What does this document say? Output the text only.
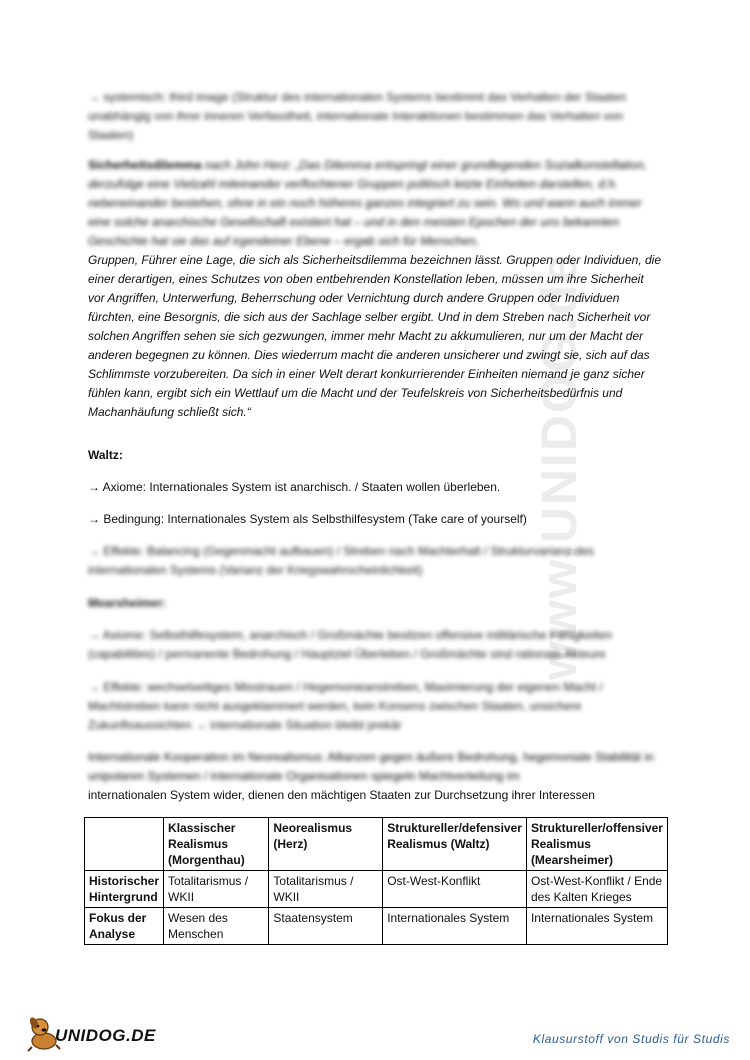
www.UNIDOG.de
→ systemisch: third image (Struktur des internationalen Systems bestimmt das Verhalten der Staaten unabhängig von ihrer inneren Verfasstheit, internationale Interaktionen bestimmen das Verhalten von Staaten)
Sicherheitsdilemma nach John Herz: „Das Dilemma entspringt einer grundlegenden Sozialkonstellation, derzufolge eine Vielzahl miteinander verflochtener Gruppen politisch letzte Einheiten darstellen, d.h. nebeneinander bestehen, ohne in ein noch höheres ganzes integriert zu sein. Wo und wann auch immer eine solche anarchische Gesellschaft existiert hat – und in den meisten Epochen der uns bekannten Geschichte hat sie das auf irgendeiner Ebene – ergab sich für Menschen,
Gruppen, Führer eine Lage, die sich als Sicherheitsdilemma bezeichnen lässt. Gruppen oder Individuen, die einer derartigen, eines Schutzes von oben entbehrenden Konstellation leben, müssen um ihre Sicherheit vor Angriffen, Unterwerfung, Beherrschung oder Vernichtung durch andere Gruppen oder Individuen fürchten, eine Besorgnis, die sich aus der Sachlage selber ergibt. Und in dem Streben nach Sicherheit vor solchen Angriffen sehen sie sich gezwungen, immer mehr Macht zu akkumulieren, nur um der Macht der anderen begegnen zu können. Dies wiederrum macht die anderen unsicherer und zwingt sie, sich auf das Schlimmste vorzubereiten. Da sich in einer Welt derart konkurrierender Einheiten niemand je ganz sicher fühlen kann, ergibt sich ein Wettlauf um die Macht und der Teufelskreis von Sicherheitsbedürfnis und Machanhäufung schließt sich.“
Waltz:
→ Axiome: Internationales System ist anarchisch. / Staaten wollen überleben.
→ Bedingung: Internationales System als Selbsthilfesystem (Take care of yourself)
→ Effekte: Balancing (Gegenmacht aufbauen) / Streben nach Machterhalt / Strukturvarianz des internationalen Systems (Varianz der Kriegswahrscheinlichkeit)
Mearsheimer:
→ Axiome: Selbsthilfesystem, anarchisch / Großmächte besitzen offensive militärische Fähigkeiten (capabilities) / permanente Bedrohung / Hauptziel Überleben / Großmächte sind rationale Akteure
→ Effekte: wechselseitiges Misstrauen / Hegemonieanstreben, Maximierung der eigenen Macht / Machtstreben kann nicht ausgeklammert werden, kein Konsens zwischen Staaten, unsichere Zukunftsaussichten → internationale Situation bleibt prekär
Internationale Kooperation im Neorealismus: Allianzen gegen äußere Bedrohung, hegemoniale Stabilität in unipolaren Systemen / internationale Organisationen spiegeln Machtverteilung im
internationalen System wider, dienen den mächtigen Staaten zur Durchsetzung ihrer Interessen
	Klassischer Realismus (Morgenthau)	Neorealismus (Herz)	Struktureller/defensiver Realismus (Waltz)	Struktureller/offensiver Realismus (Mearsheimer)
Historischer Hintergrund	Totalitarismus / WKII	Totalitarismus / WKII	Ost-West-Konflikt	Ost-West-Konflikt / Ende des Kalten Krieges
Fokus der Analyse	Wesen des Menschen	Staatensystem	Internationales System	Internationales System
UNIDOG.DE	Klausurstoff von Studis für Studis
